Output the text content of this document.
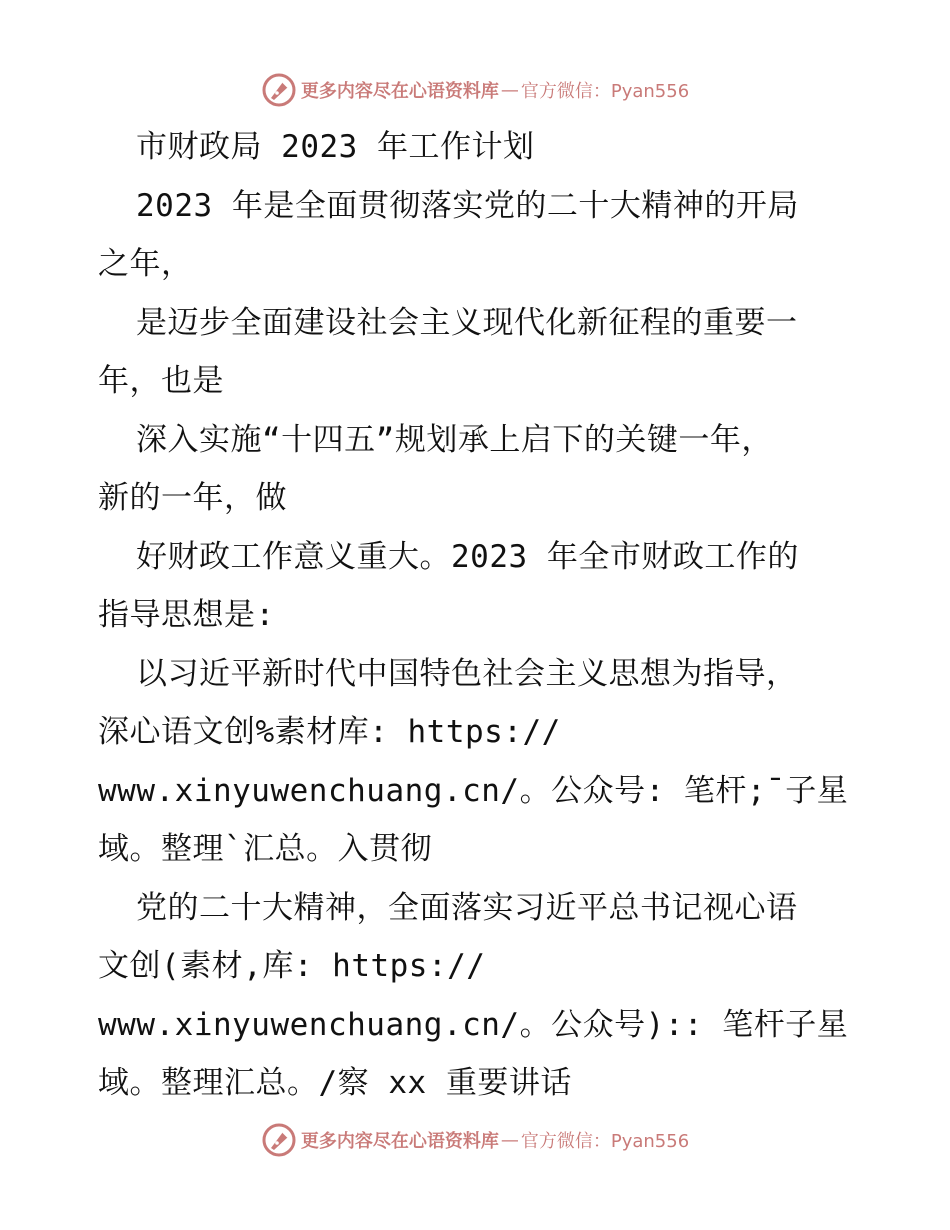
更多内容尽在心语资料库 — 官方微信：Pyan556
市财政局 2023 年工作计划
2023 年是全面贯彻落实党的二十大精神的开局
之年，
是迈步全面建设社会主义现代化新征程的重要一
年，也是
深入实施“十四五”规划承上启下的关键一年，
新的一年，做
好财政工作意义重大。2023 年全市财政工作的
指导思想是:
以习近平新时代中国特色社会主义思想为指导，
深心语文创%素材库: https://
www.xinyuwenchuang.cn/。公众号: 笔杆;¯子星
域。整理`汇总。入贯彻
党的二十大精神，全面落实习近平总书记视心语
文创(素材,库: https://
www.xinyuwenchuang.cn/。公众号):: 笔杆子星
域。整理汇总。/察 xx 重要讲话
更多内容尽在心语资料库 — 官方微信：Pyan556
